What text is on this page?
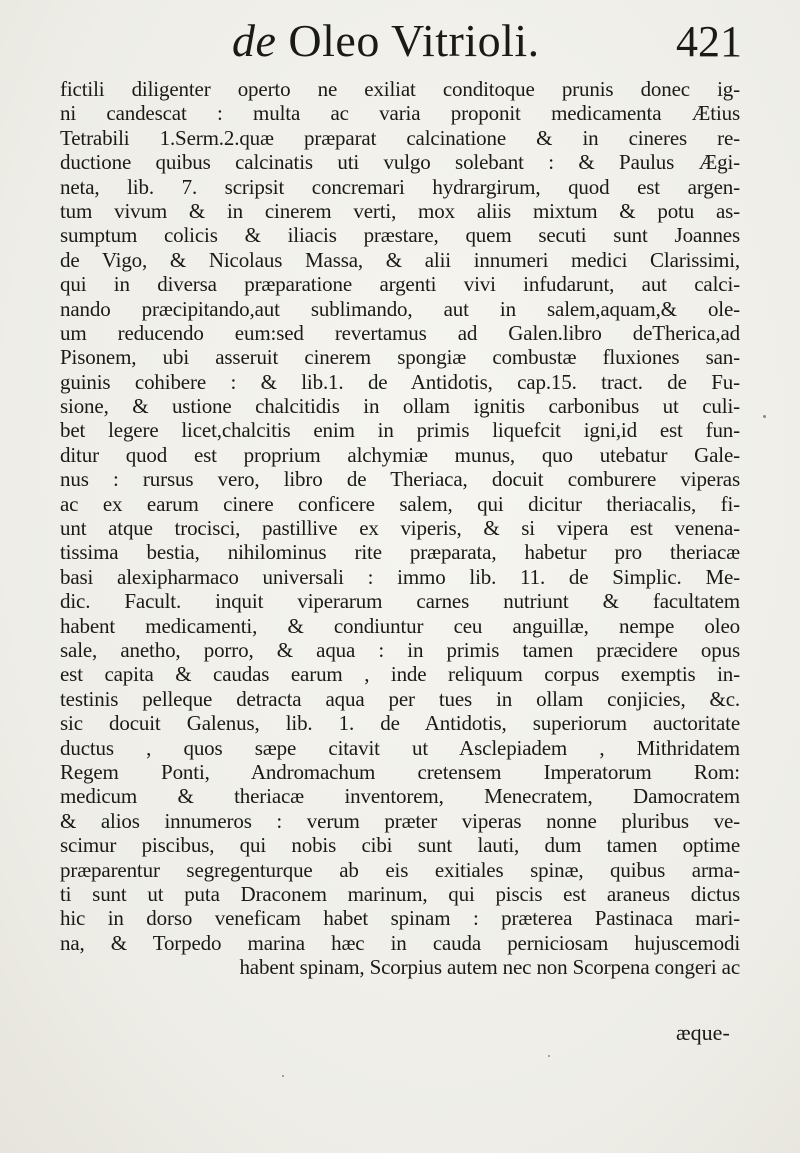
de Oleo Vitrioli.	421
fictili diligenter operto ne exiliat conditoque prunis donec ig-
ni candescat : multa ac varia proponit medicamenta Ætius
Tetrabili 1.Serm.2.quæ præparat calcinatione & in cineres re-
ductione quibus calcinatis uti vulgo solebant : & Paulus Ægi-
neta, lib. 7. scripsit concremari hydrargirum, quod est argen-
tum vivum & in cinerem verti, mox aliis mixtum & potu as-
sumptum colicis & iliacis præstare, quem secuti sunt Joannes
de Vigo, & Nicolaus Massa, & alii innumeri medici Clarissimi,
qui in diversa præparatione argenti vivi infudarunt, aut calci-
nando præcipitando,aut sublimando, aut in salem,aquam,& ole-
um reducendo eum:sed revertamus ad Galen.libro deTherica,ad
Pisonem, ubi asseruit cinerem spongiæ combustæ fluxiones san-
guinis cohibere : & lib.1. de Antidotis, cap.15. tract. de Fu-
sione, & ustione chalcitidis in ollam ignitis carbonibus ut culi-
bet legere licet,chalcitis enim in primis liquefcit igni,id est fun-
ditur quod est proprium alchymiæ munus, quo utebatur Gale-
nus : rursus vero, libro de Theriaca, docuit comburere viperas
ac ex earum cinere conficere salem, qui dicitur theriacalis, fi-
unt atque trocisci, pastillive ex viperis, & si vipera est venena-
tissima bestia, nihilominus rite præparata, habetur pro theriacæ
basi alexipharmaco universali : immo lib. 11. de Simplic. Me-
dic. Facult. inquit viperarum carnes nutriunt & facultatem
habent medicamenti, & condiuntur ceu anguillæ, nempe oleo
sale, anetho, porro, & aqua : in primis tamen præcidere opus
est capita & caudas earum , inde reliquum corpus exemptis in-
testinis pelleque detracta aqua per tues in ollam conjicies, &c.
sic docuit Galenus, lib. 1. de Antidotis, superiorum auctoritate
ductus , quos sæpe citavit ut Asclepiadem , Mithridatem
Regem Ponti, Andromachum cretensem Imperatorum Rom:
medicum & theriacæ inventorem, Menecratem, Damocratem
& alios innumeros : verum præter viperas nonne pluribus ve-
scimur piscibus, qui nobis cibi sunt lauti, dum tamen optime
præparentur segregenturque ab eis exitiales spinæ, quibus arma-
ti sunt ut puta Draconem marinum, qui piscis est araneus dictus
hic in dorso veneficam habet spinam : præterea Pastinaca mari-
na, & Torpedo marina hæc in cauda perniciosam hujuscemodi
habent spinam, Scorpius autem nec non Scorpena congeri ac
æque-
